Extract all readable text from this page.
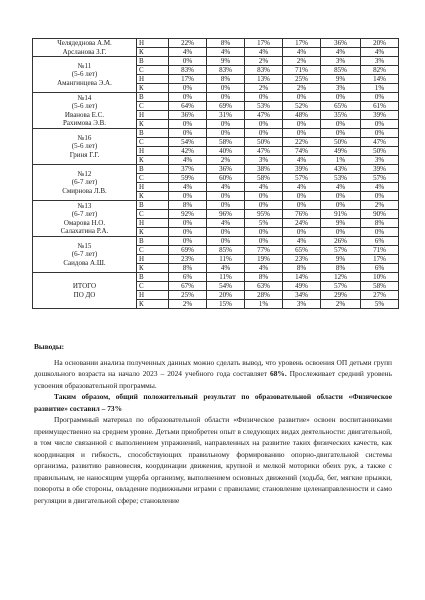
Челядеднова А.М.
Арсланова З.Г.	Н	22%	8%	17%	17%	36%	20%
	К	4%	4%	4%	4%	4%	4%

№11
(5-6 лет)
Амангинцева Э.А.	В	0%	9%	2%	2%	3%	3%
	С	83%	83%	83%	71%	85%	82%
	Н	17%	8%	13%	25%	9%	14%
	К	0%	0%	2%	2%	3%	1%

№14
(5-6 лет)
Иванова Е.С.
Рахимова Э.В.	В	0%	0%	0%	0%	0%	0%
	С	64%	69%	53%	52%	65%	61%
	Н	36%	31%	47%	48%	35%	39%
	К	0%	0%	0%	0%	0%	0%

№16
(5-6 лет)
Гриня Г.Г.	В	0%	0%	0%	0%	0%	0%
	С	54%	58%	50%	22%	50%	47%
	Н	42%	40%	47%	74%	49%	50%
	К	4%	2%	3%	4%	1%	3%

№12
(6-7 лет)
Смирнова Л.В.	В	37%	36%	38%	39%	43%	39%
	С	59%	60%	58%	57%	53%	57%
	Н	4%	4%	4%	4%	4%	4%
	К	0%	0%	0%	0%	0%	0%

№13
(6-7 лет)
Омарова Н.О.
Салахатина Р.А.	В	8%	0%	0%	0%	0%	2%
	С	92%	96%	95%	76%	91%	90%
	Н	0%	4%	5%	24%	9%	8%
	К	0%	0%	0%	0%	0%	0%

№15
(6-7 лет)
Саидова А.Ш.	В	0%	0%	0%	4%	26%	6%
	С	69%	85%	77%	65%	57%	71%
	Н	23%	11%	19%	23%	9%	17%
	К	8%	4%	4%	8%	8%	6%

ИТОГО
ПО ДО	В	6%	11%	8%	14%	12%	10%
	С	67%	54%	63%	49%	57%	58%
	Н	25%	20%	28%	34%	29%	27%
	К	2%	15%	1%	3%	2%	5%
Выводы:
На основании анализа полученных данных можно сделать вывод, что уровень освоения ОП детьми групп дошкольного возраста на начало 2023 – 2024 учебного года составляет 68%. Прослеживает средний уровень усвоения образовательной программы.
Таким образом, общий положительный результат по образовательной области «Физическое развитие» составил – 73%
Программный материал по образовательной области «Физическое развитие» освоен воспитанниками преимущественно на среднем уровне. Детьми приобретен опыт в следующих видах деятельности: двигательной, в том числе связанной с выполнением упражнений, направленных на развитие таких физических качеств, как координация и гибкость, способствующих правильному формированию опорно-двигательной системы организма, развитию равновесия, координации движения, крупной и мелкой моторики обеих рук, а также с правильным, не наносящим ущерба организму, выполнением основных движений (ходьба, бег, мягкие прыжки, повороты в обе стороны, овладение подвижными играми с правилами; становление целенаправленности и само регуляции в двигательной сфере; становление
